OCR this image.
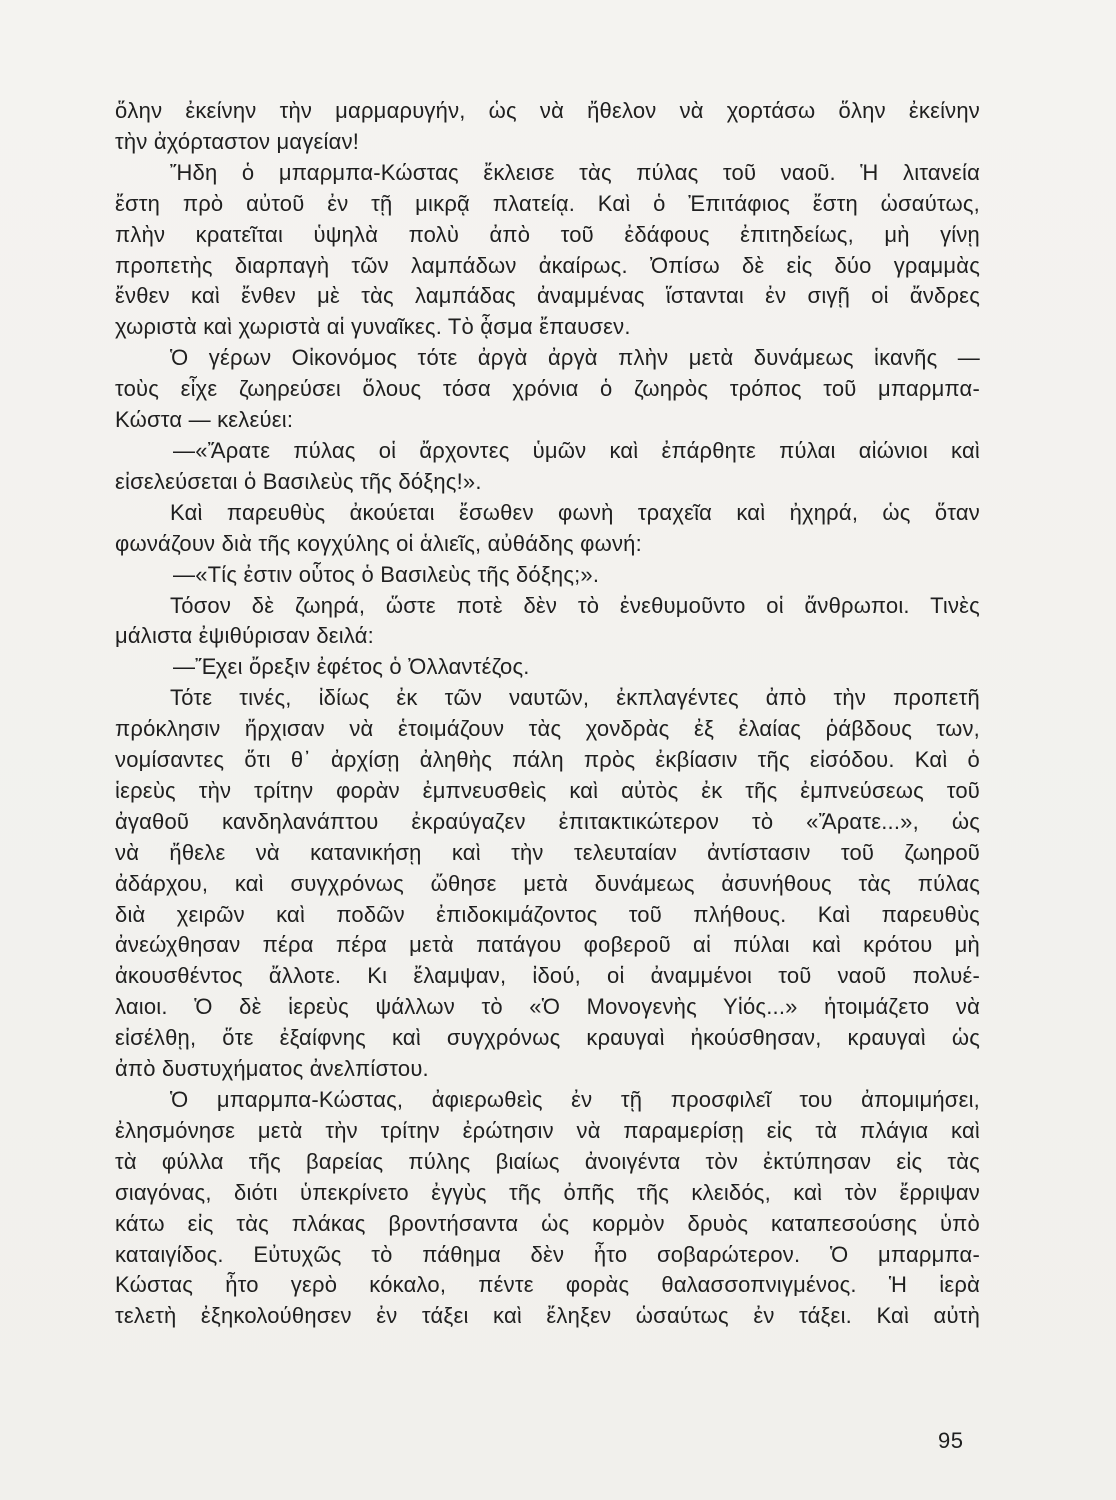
ὅλην ἐκείνην τὴν μαρμαρυγήν, ὡς νὰ ἤθελον νὰ χορτάσω ὅλην ἐκείνην
τὴν ἀχόρταστον μαγείαν!
Ἤδη ὁ μπαρμπα-Κώστας ἔκλεισε τὰς πύλας τοῦ ναοῦ. Ἡ λιτανεία
ἔστη πρὸ αὐτοῦ ἐν τῇ μικρᾷ πλατείᾳ. Καὶ ὁ Ἐπιτάφιος ἔστη ὡσαύτως,
πλὴν κρατεῖται ὑψηλὰ πολὺ ἀπὸ τοῦ ἐδάφους ἐπιτηδείως, μὴ γίνῃ
προπετὴς διαρπαγὴ τῶν λαμπάδων ἀκαίρως. Ὀπίσω δὲ εἰς δύο γραμμὰς
ἔνθεν καὶ ἔνθεν μὲ τὰς λαμπάδας ἀναμμένας ἵστανται ἐν σιγῇ οἱ ἄνδρες
χωριστὰ καὶ χωριστὰ αἱ γυναῖκες. Τὸ ᾆσμα ἔπαυσεν.
Ὁ γέρων Οἰκονόμος τότε ἀργὰ ἀργὰ πλὴν μετὰ δυνάμεως ἱκανῆς —
τοὺς εἶχε ζωηρεύσει ὅλους τόσα χρόνια ὁ ζωηρὸς τρόπος τοῦ μπαρμπα-
Κώστα — κελεύει:
—«Ἄρατε πύλας οἱ ἄρχοντες ὑμῶν καὶ ἐπάρθητε πύλαι αἰώνιοι καὶ
εἰσελεύσεται ὁ Βασιλεὺς τῆς δόξης!».
Καὶ παρευθὺς ἀκούεται ἔσωθεν φωνὴ τραχεῖα καὶ ἠχηρά, ὡς ὅταν
φωνάζουν διὰ τῆς κογχύλης οἱ ἁλιεῖς, αὐθάδης φωνή:
—«Τίς ἐστιν οὗτος ὁ Βασιλεὺς τῆς δόξης;».
Τόσον δὲ ζωηρά, ὥστε ποτὲ δὲν τὸ ἐνεθυμοῦντο οἱ ἄνθρωποι. Τινὲς
μάλιστα ἐψιθύρισαν δειλά:
—Ἔχει ὄρεξιν ἐφέτος ὁ Ὀλλαντέζος.
Τότε τινές, ἰδίως ἐκ τῶν ναυτῶν, ἐκπλαγέντες ἀπὸ τὴν προπετῆ
πρόκλησιν ἤρχισαν νὰ ἑτοιμάζουν τὰς χονδρὰς ἐξ ἐλαίας ῥάβδους των,
νομίσαντες ὅτι θ᾽ ἀρχίσῃ ἀληθὴς πάλη πρὸς ἐκβίασιν τῆς εἰσόδου. Καὶ ὁ
ἱερεὺς τὴν τρίτην φορὰν ἐμπνευσθεὶς καὶ αὐτὸς ἐκ τῆς ἐμπνεύσεως τοῦ
ἀγαθοῦ κανδηλανάπτου ἐκραύγαζεν ἐπιτακτικώτερον τὸ «Ἄρατε...», ὡς
νὰ ἤθελε νὰ κατανικήσῃ καὶ τὴν τελευταίαν ἀντίστασιν τοῦ ζωηροῦ
ἀδάρχου, καὶ συγχρόνως ὤθησε μετὰ δυνάμεως ἀσυνήθους τὰς πύλας
διὰ χειρῶν καὶ ποδῶν ἐπιδοκιμάζοντος τοῦ πλήθους. Καὶ παρευθὺς
ἀνεώχθησαν πέρα πέρα μετὰ πατάγου φοβεροῦ αἱ πύλαι καὶ κρότου μὴ
ἀκουσθέντος ἄλλοτε. Κι ἔλαμψαν, ἰδού, οἱ ἀναμμένοι τοῦ ναοῦ πολυέ-
λαιοι. Ὁ δὲ ἱερεὺς ψάλλων τὸ «Ὁ Μονογενὴς Υἱός...» ἡτοιμάζετο νὰ
εἰσέλθῃ, ὅτε ἐξαίφνης καὶ συγχρόνως κραυγαὶ ἠκούσθησαν, κραυγαὶ ὡς
ἀπὸ δυστυχήματος ἀνελπίστου.
Ὁ μπαρμπα-Κώστας, ἀφιερωθεὶς ἐν τῇ προσφιλεῖ του ἀπομιμήσει,
ἐλησμόνησε μετὰ τὴν τρίτην ἐρώτησιν νὰ παραμερίσῃ εἰς τὰ πλάγια καὶ
τὰ φύλλα τῆς βαρείας πύλης βιαίως ἀνοιγέντα τὸν ἐκτύπησαν εἰς τὰς
σιαγόνας, διότι ὑπεκρίνετο ἐγγὺς τῆς ὀπῆς τῆς κλειδός, καὶ τὸν ἔρριψαν
κάτω εἰς τὰς πλάκας βροντήσαντα ὡς κορμὸν δρυὸς καταπεσούσης ὑπὸ
καταιγίδος. Εὐτυχῶς τὸ πάθημα δὲν ἦτο σοβαρώτερον. Ὁ μπαρμπα-
Κώστας ἦτο γερὸ κόκαλο, πέντε φορὰς θαλασσοπνιγμένος. Ἡ ἱερὰ
τελετὴ ἐξηκολούθησεν ἐν τάξει καὶ ἔληξεν ὡσαύτως ἐν τάξει. Καὶ αὐτὴ
95
